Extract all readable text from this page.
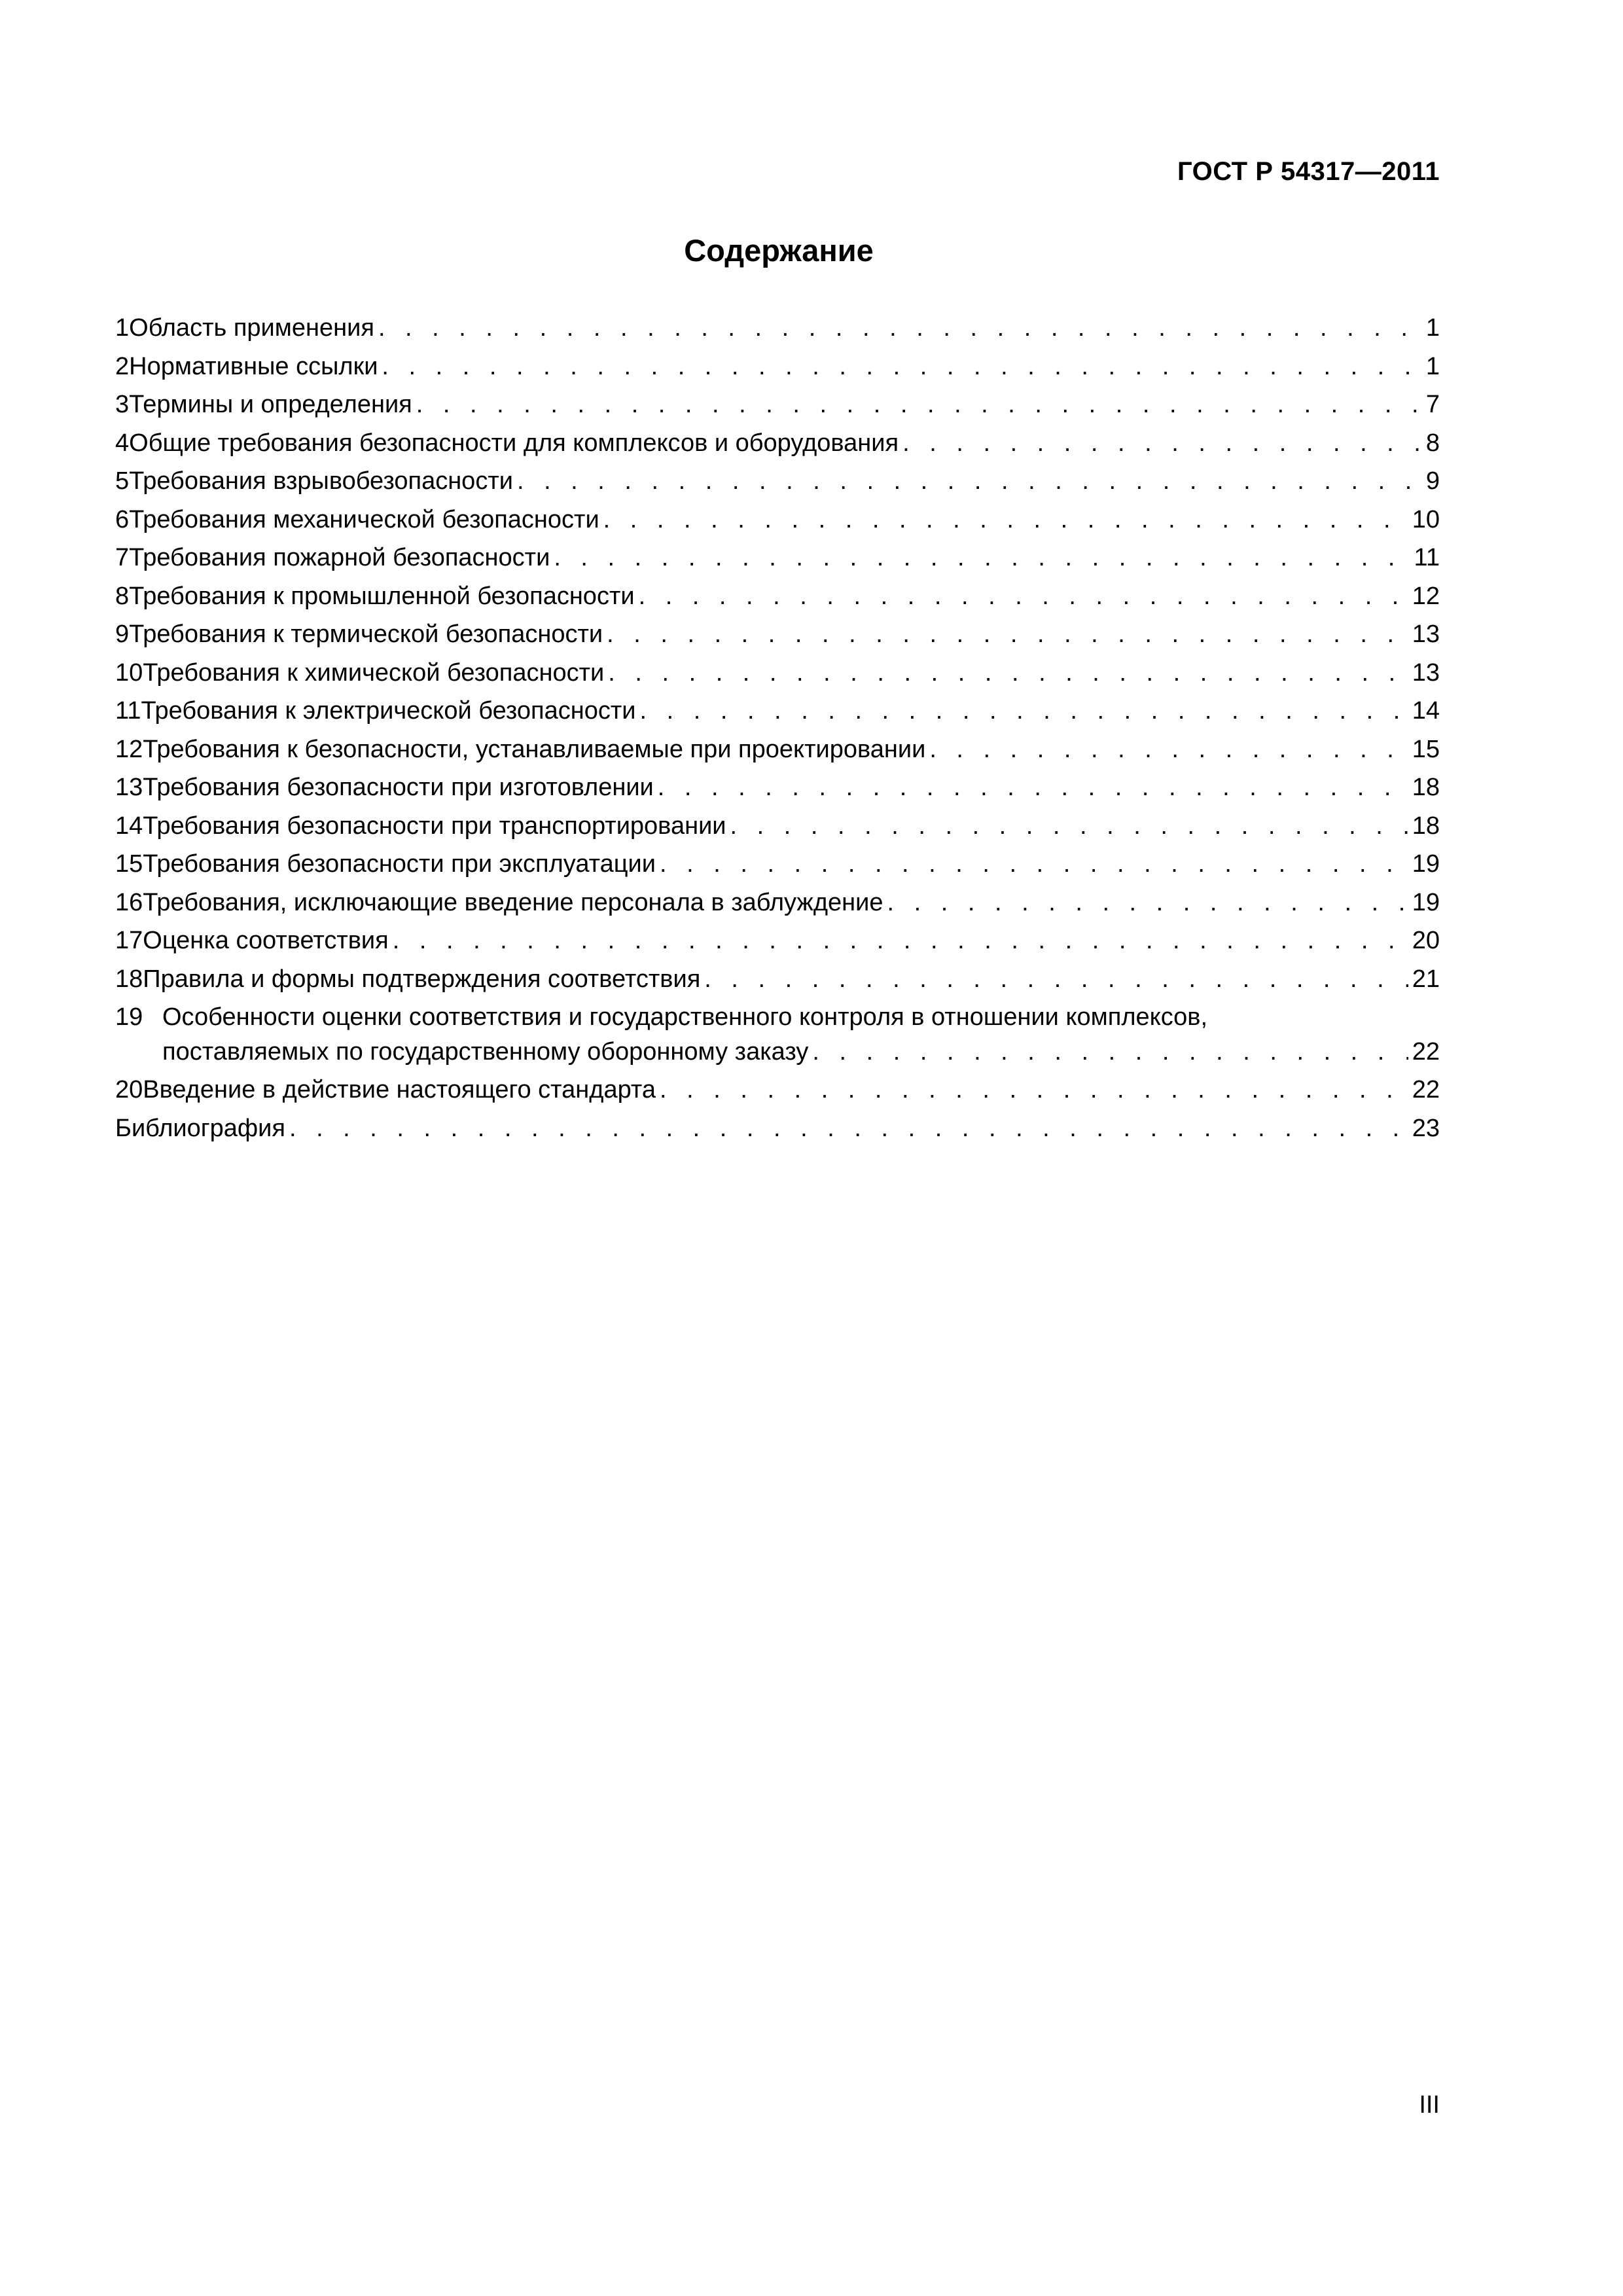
ГОСТ Р 54317—2011
Содержание
1 Область применения . . .	1
2 Нормативные ссылки . . .	1
3 Термины и определения . . .	7
4 Общие требования безопасности для комплексов и оборудования . . .	8
5 Требования взрывобезопасности . . .	9
6 Требования механической безопасности . . .	10
7 Требования пожарной безопасности . . .	11
8 Требования к промышленной безопасности . . .	12
9 Требования к термической безопасности . . .	13
10 Требования к химической безопасности . . .	13
11 Требования к электрической безопасности . . .	14
12 Требования к безопасности, устанавливаемые при проектировании . . .	15
13 Требования безопасности при изготовлении . . .	18
14 Требования безопасности при транспортировании . . .	18
15 Требования безопасности при эксплуатации . . .	19
16 Требования, исключающие введение персонала в заблуждение . . .	19
17 Оценка соответствия . . .	20
18 Правила и формы подтверждения соответствия . . .	21
19 Особенности оценки соответствия и государственного контроля в отношении комплексов,
поставляемых по государственному оборонному заказу . . .	22
20 Введение в действие настоящего стандарта . . .	22
Библиография . . .	23
III
